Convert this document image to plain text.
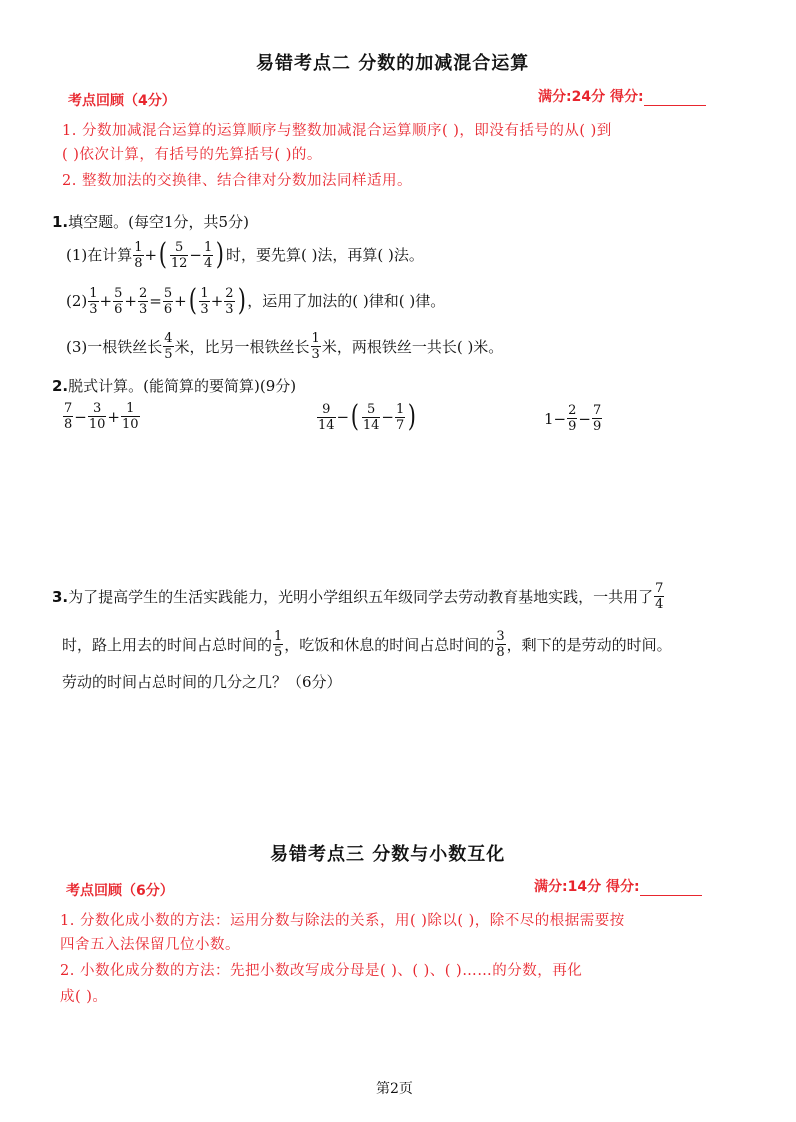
易错考点二 分数的加减混合运算
考点回顾（4分）	满分:24分 得分:
1. 分数加减混合运算的运算顺序与整数加减混合运算顺序( )，即没有括号的从( )到
( )依次计算，有括号的先算括号( )的。
2. 整数加法的交换律、结合律对分数加法同样适用。
1.填空题。(每空1分，共5分)
(1)在计算 $\frac{1}{8}$ + ( $\frac{5}{12} - \frac{1}{4}$ ) 时，要先算( )法，再算( )法。
$(2) \frac{1}{3} + \frac{5}{6} + \frac{2}{3} = \frac{5}{6}$ + ( $\frac{1}{3} + \frac{2}{3}$ ) ，运用了加法的( )律和( )律。
(3)一根铁丝长 $\frac{4}{5}$ 米，比另一根铁丝长 $\frac{1}{3}$ 米，两根铁丝一共长( )米。
2.脱式计算。(能简算的要简算)(9分)
$\frac{7}{8} - \frac{3}{10} + \frac{1}{10}$	$\frac{9}{14}$ − ( $\frac{5}{14} - \frac{1}{7}$ )	$1 - \frac{2}{9} - \frac{7}{9}$
3. 为了提高学生的生活实践能力，光明小学组织五年级同学去劳动教育基地实践，一共用了 $\frac{7}{4}$
时，路上用去的时间占总时间的 $\frac{1}{5}$ ，吃饭和休息的时间占总时间的 $\frac{3}{8}$ ，剩下的是劳动的时间。
劳动的时间占总时间的几分之几？（6分）
易错考点三 分数与小数互化
考点回顾（6分）	满分:14分 得分:
1. 分数化成小数的方法：运用分数与除法的关系，用( )除以( )，除不尽的根据需要按
四舍五入法保留几位小数。
2. 小数化成分数的方法：先把小数改写成分母是( )、( )、( )……的分数，再化
成( )。
第2页
